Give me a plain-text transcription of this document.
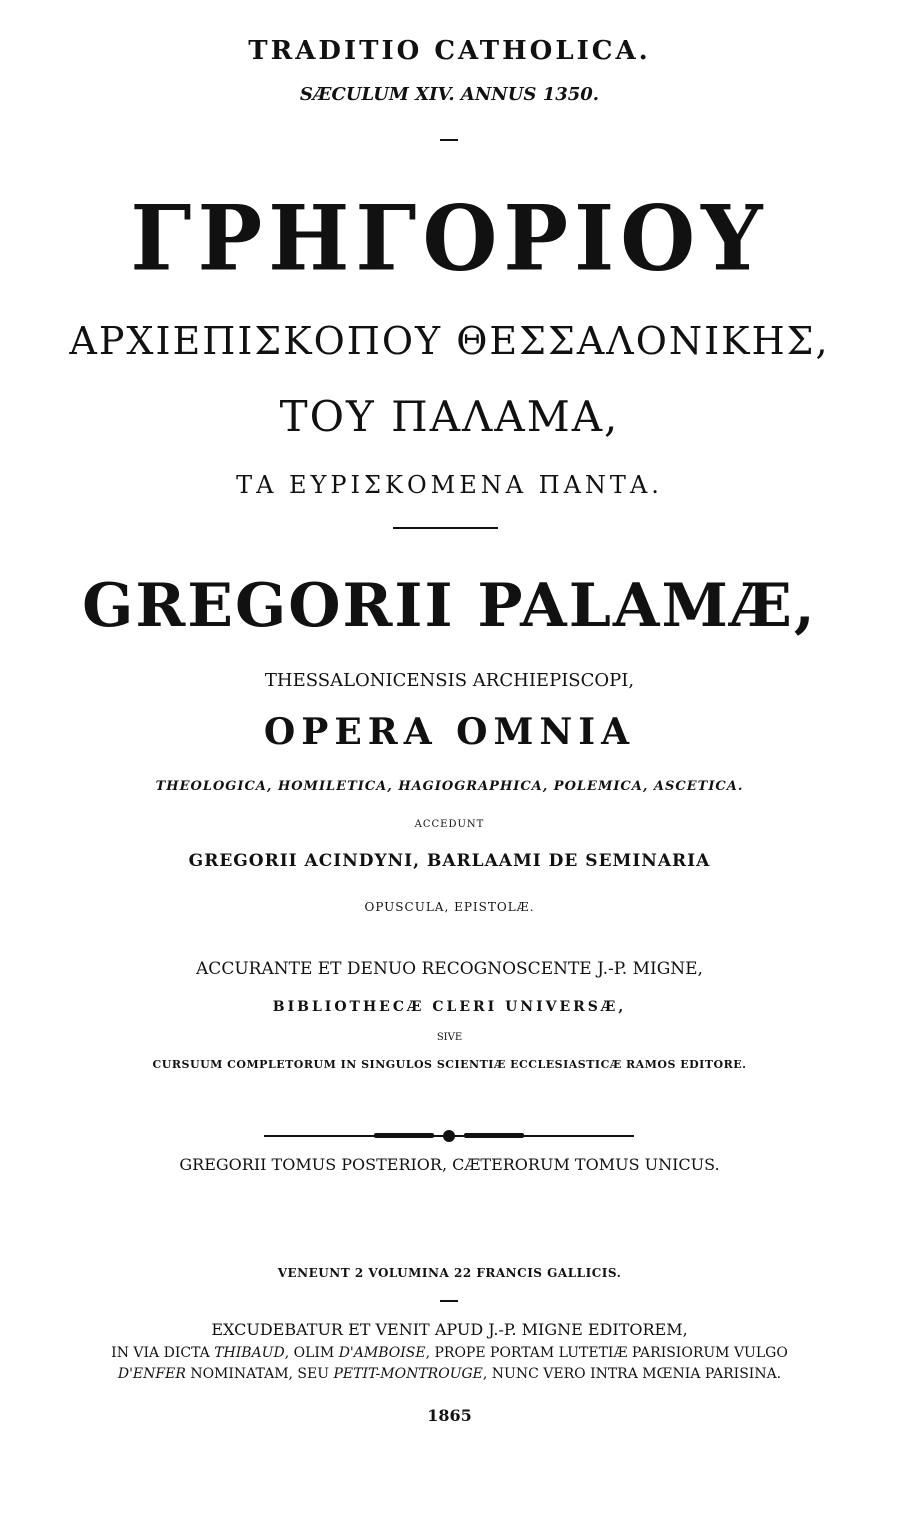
TRADITIO CATHOLICA.
SÆCULUM XIV. ANNUS 1350.
ΓΡΗΓΟΡΙΟΥ
ΑΡΧΙΕΠΙΣΚΟΠΟΥ ΘΕΣΣΑΛΟΝΙΚΗΣ,
ΤΟΥ ΠΑΛΑΜΑ,
ΤΑ ΕΥΡΙΣΚΟΜΕΝΑ ΠΑΝΤΑ.
GREGORII PALAMÆ,
THESSALONICENSIS ARCHIEPISCOPI,
OPERA OMNIA
THEOLOGICA, HOMILETICA, HAGIOGRAPHICA, POLEMICA, ASCETICA.
ACCEDUNT
GREGORII ACINDYNI, BARLAAMI DE SEMINARIA
OPUSCULA, EPISTOLÆ.
ACCURANTE ET DENUO RECOGNOSCENTE J.-P. MIGNE,
BIBLIOTHECÆ CLERI UNIVERSÆ,
SIVE
CURSUUM COMPLETORUM IN SINGULOS SCIENTIÆ ECCLESIASTICÆ RAMOS EDITORE.
GREGORII TOMUS POSTERIOR, CÆTERORUM TOMUS UNICUS.
VENEUNT 2 VOLUMINA 22 FRANCIS GALLICIS.
EXCUDEBATUR ET VENIT APUD J.-P. MIGNE EDITOREM,
IN VIA DICTA THIBAUD, OLIM D'AMBOISE, PROPE PORTAM LUTETIÆ PARISIORUM VULGO
D'ENFER NOMINATAM, SEU PETIT-MONTROUGE, NUNC VERO INTRA MŒNIA PARISINA.
1865
